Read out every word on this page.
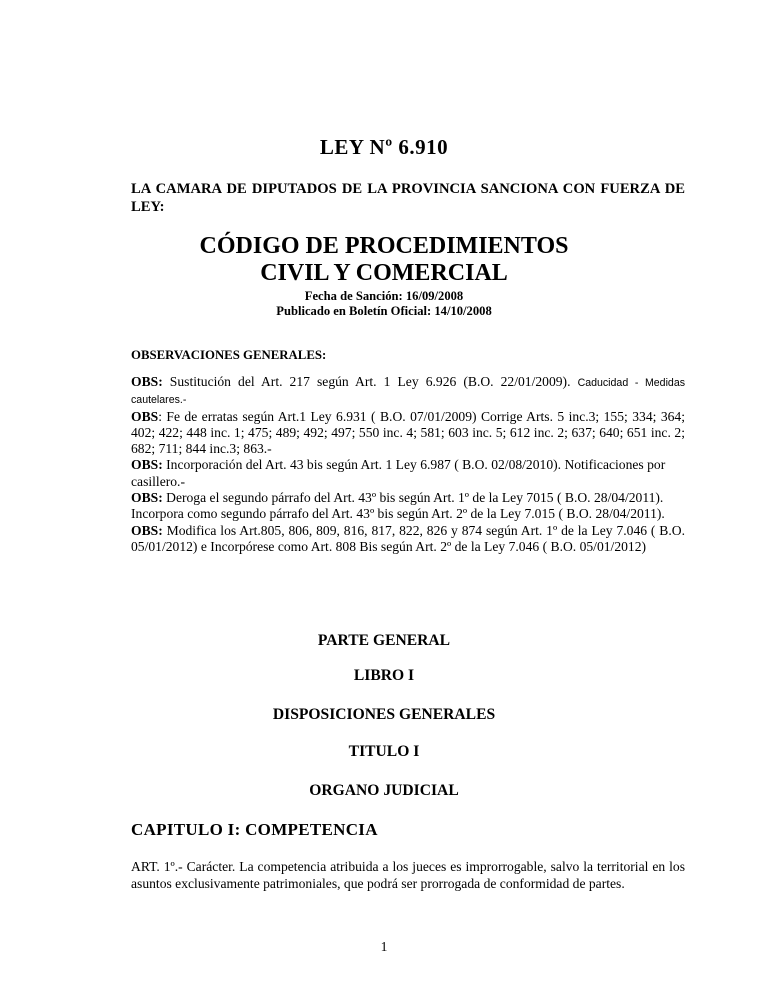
LEY Nº 6.910

LA CAMARA DE DIPUTADOS DE LA PROVINCIA SANCIONA CON FUERZA DE LEY:

CÓDIGO DE PROCEDIMIENTOS
CIVIL Y COMERCIAL
Fecha de Sanción: 16/09/2008
Publicado en Boletín Oficial: 14/10/2008
OBSERVACIONES GENERALES:

OBS: Sustitución del Art. 217 según Art. 1 Ley 6.926 (B.O. 22/01/2009). Caducidad - Medidas

cautelares.-

OBS: Fe de erratas según Art.1 Ley 6.931 ( B.O. 07/01/2009) Corrige Arts. 5 inc.3; 155; 334; 364; 402; 422; 448 inc. 1; 475; 489; 492; 497; 550 inc. 4; 581; 603 inc. 5; 612 inc. 2; 637; 640; 651 inc. 2; 682; 711; 844 inc.3; 863.-

OBS: Incorporación del Art. 43 bis según Art. 1 Ley 6.987 ( B.O. 02/08/2010). Notificaciones por casillero.-

OBS: Deroga el segundo párrafo del Art. 43º bis según Art. 1º de la Ley 7015 ( B.O. 28/04/2011). Incorpora como segundo párrafo del Art. 43º bis según Art. 2º de la Ley 7.015 ( B.O. 28/04/2011).

OBS: Modifica los Art.805, 806, 809, 816, 817, 822, 826 y 874 según Art. 1º de la Ley 7.046 ( B.O. 05/01/2012) e Incorpórese como Art. 808 Bis según Art. 2º de la Ley 7.046 ( B.O. 05/01/2012)

PARTE GENERAL
LIBRO I
DISPOSICIONES GENERALES
TITULO I
ORGANO JUDICIAL
CAPITULO I: COMPETENCIA

ART. 1º.- Carácter. La competencia atribuida a los jueces es improrrogable, salvo la territorial en los asuntos exclusivamente patrimoniales, que podrá ser prorrogada de conformidad de partes.

1
